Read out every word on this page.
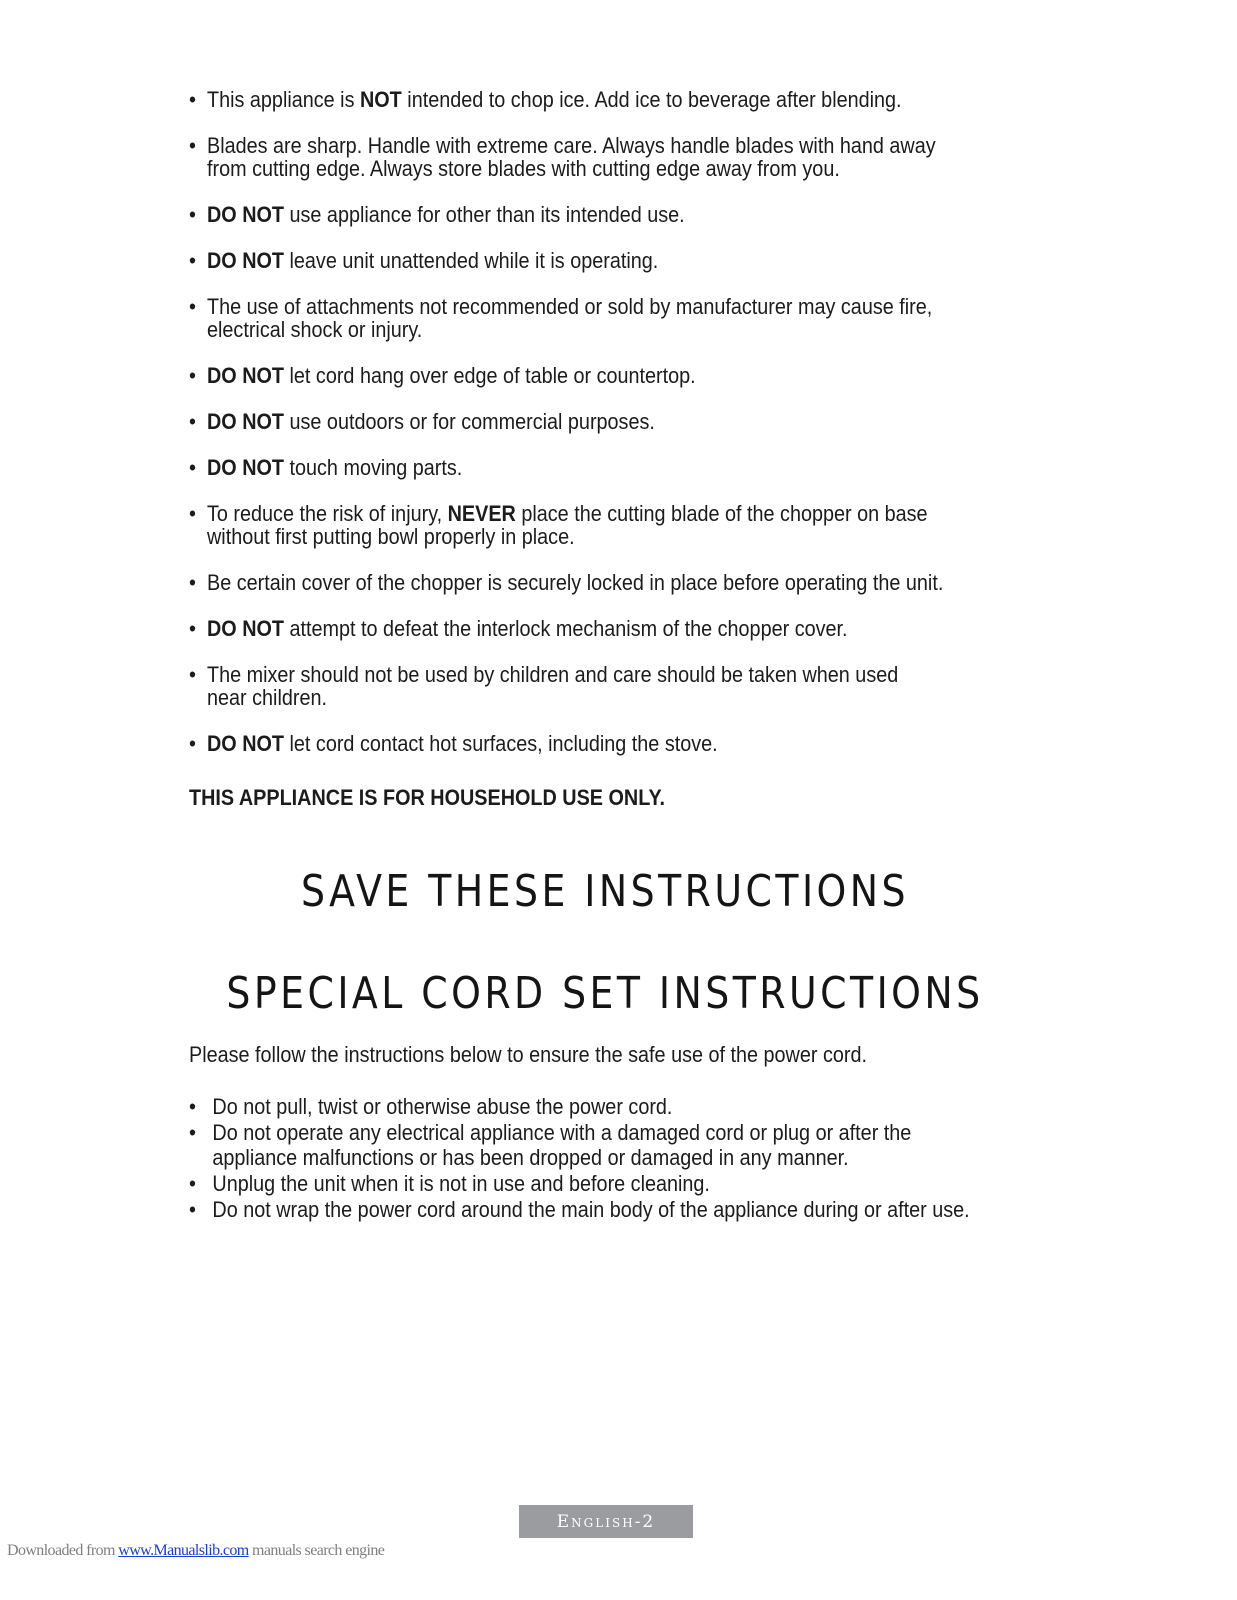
• This appliance is NOT intended to chop ice. Add ice to beverage after blending.
• Blades are sharp. Handle with extreme care. Always handle blades with hand away
from cutting edge. Always store blades with cutting edge away from you.
• DO NOT use appliance for other than its intended use.
• DO NOT leave unit unattended while it is operating.
• The use of attachments not recommended or sold by manufacturer may cause fire,
electrical shock or injury.
• DO NOT let cord hang over edge of table or countertop.
• DO NOT use outdoors or for commercial purposes.
• DO NOT touch moving parts.
• To reduce the risk of injury, NEVER place the cutting blade of the chopper on base
without first putting bowl properly in place.
• Be certain cover of the chopper is securely locked in place before operating the unit.
• DO NOT attempt to defeat the interlock mechanism of the chopper cover.
• The mixer should not be used by children and care should be taken when used
near children.
• DO NOT let cord contact hot surfaces, including the stove.

THIS APPLIANCE IS FOR HOUSEHOLD USE ONLY.

SAVE THESE INSTRUCTIONS
SPECIAL CORD SET INSTRUCTIONS

Please follow the instructions below to ensure the safe use of the power cord.

• Do not pull, twist or otherwise abuse the power cord.
• Do not operate any electrical appliance with a damaged cord or plug or after the
appliance malfunctions or has been dropped or damaged in any manner.
• Unplug the unit when it is not in use and before cleaning.
• Do not wrap the power cord around the main body of the appliance during or after use.
English-2
Downloaded from www.Manualslib.com manuals search engine
